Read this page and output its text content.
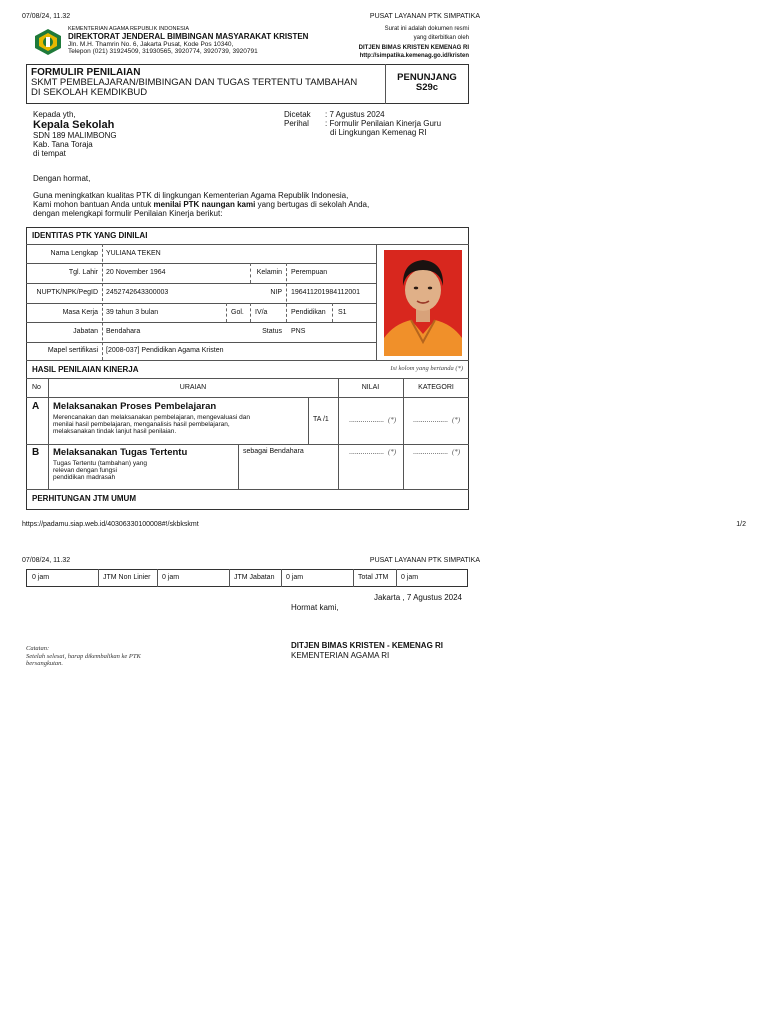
07/08/24, 11.32	PUSAT LAYANAN PTK SIMPATIKA
KEMENTERIAN AGAMA REPUBLIK INDONESIA
DIREKTORAT JENDERAL BIMBINGAN MASYARAKAT KRISTEN
Jln. M.H. Thamrin No. 6, Jakarta Pusat, Kode Pos 10340,
Telepon (021) 31924509, 31930565, 3920774, 3920739, 3920791
Surat ini adalah dokumen resmi
yang diterbitkan oleh
DITJEN BIMAS KRISTEN KEMENAG RI
http://simpatika.kemenag.go.id/kristen
FORMULIR PENILAIAN
SKMT PEMBELAJARAN/BIMBINGAN DAN TUGAS TERTENTU TAMBAHAN
DI SEKOLAH KEMDIKBUD
PENUNJANG
S29c
Kepada yth,
Kepala Sekolah
SDN 189 MALIMBONG
Kab. Tana Toraja
di tempat
Dicetak : 7 Agustus 2024
Perihal : Formulir Penilaian Kinerja Guru
di Lingkungan Kemenag RI
Dengan hormat,
Guna meningkatkan kualitas PTK di lingkungan Kementerian Agama Republik Indonesia,
Kami mohon bantuan Anda untuk menilai PTK naungan kami yang bertugas di sekolah Anda,
dengan melengkapi formulir Penilaian Kinerja berikut:
IDENTITAS PTK YANG DINILAI
Nama Lengkap YULIANA TEKEN
Tgl. Lahir 20 November 1964	Kelamin Perempuan
NUPTK/NPK/PegID 2452742643300003	NIP 196411201984112001
Masa Kerja 39 tahun 3 bulan	Gol. IV/a	Pendidikan S1
Jabatan Bendahara	Status PNS
Mapel sertifikasi [2008-037] Pendidikan Agama Kristen
HASIL PENILAIAN KINERJA	Isi kolom yang bertanda (*)
No	URAIAN	NILAI	KATEGORI
A Melaksanakan Proses Pembelajaran
Merencanakan dan melaksanakan pembelajaran, mengevaluasi dan
menilai hasil pembelajaran, menganalisis hasil pembelajaran,
melaksanakan tindak lanjut hasil penilaian.
TA /1	.................. (*) .................. (*)
B Melaksanakan Tugas Tertentu
Tugas Tertentu (tambahan) yang
relevan dengan fungsi
pendidikan madrasah
sebagai Bendahara	.................. (*) .................. (*)
PERHITUNGAN JTM UMUM
https://padamu.siap.web.id/40306330100008#!/skbkskmt	1/2
07/08/24, 11.32	PUSAT LAYANAN PTK SIMPATIKA
0 jam	JTM Non Linier 0 jam	JTM Jabatan 0 jam	Total JTM 0 jam
Jakarta , 7 Agustus 2024
Hormat kami,
Catatan:
Setelah selesai, harap dikembalikan ke PTK
bersangkutan.
DITJEN BIMAS KRISTEN - KEMENAG RI
KEMENTERIAN AGAMA RI
